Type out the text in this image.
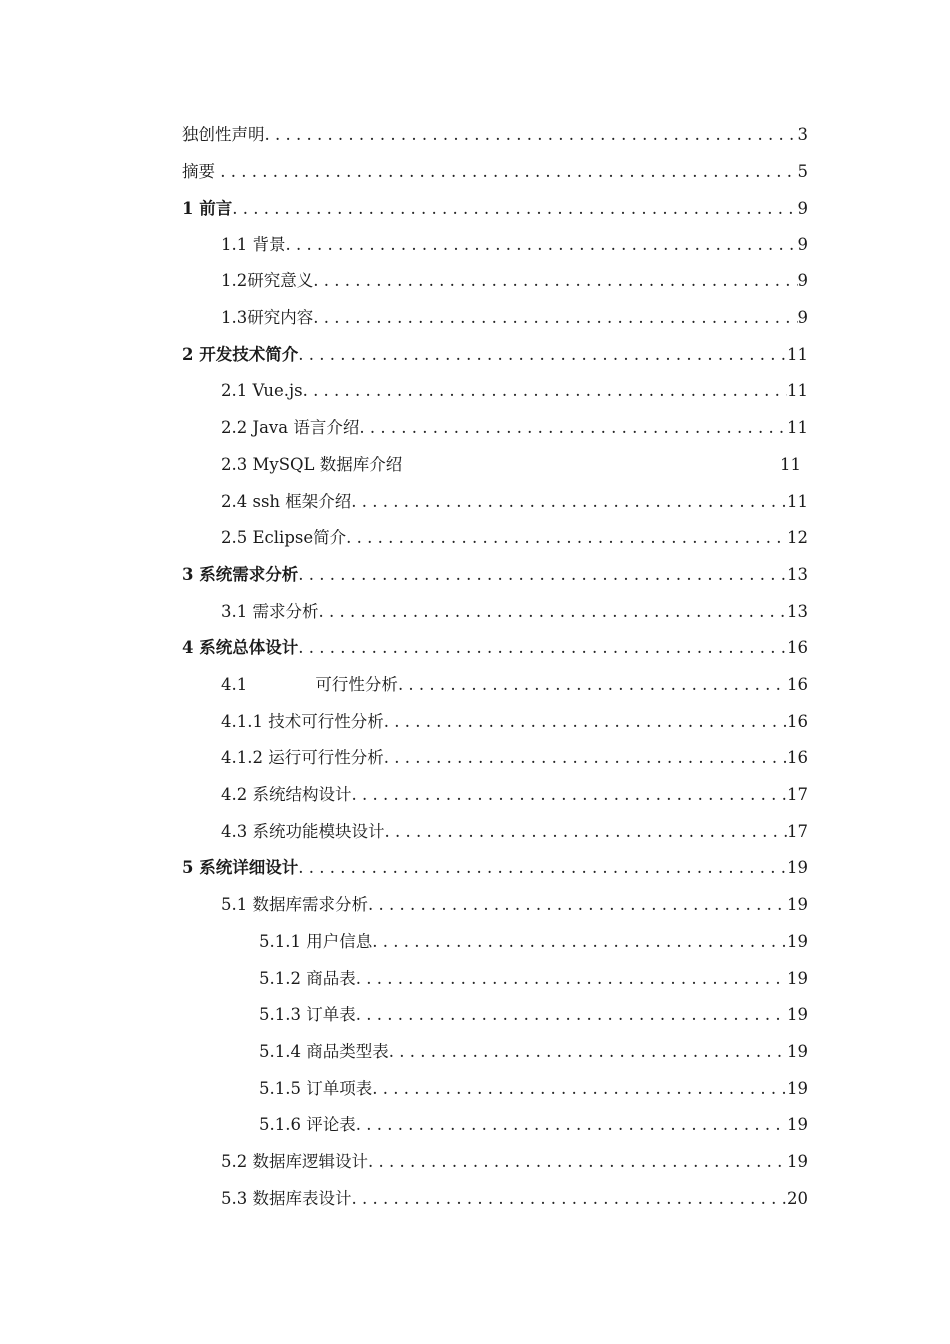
独创性声明 . . .	3
摘要 . . .	5
1 前言 . . .	9
1.1 背景 . . .	9
1.2研究意义 . . .	9
1.3研究内容 . . .	9
2 开发技术简介 . . .	11
2.1 Vue.js . . .	11
2.2 Java 语言介绍 . . .	11
2.3 MySQL 数据库介绍	11
2.4 ssh 框架介绍 . . .	11
2.5 Eclipse简介 . . .	12
3 系统需求分析 . . .	13
3.1 需求分析 . . .	13
4 系统总体设计 . . .	16
4.1             可行性分析 . . .	16
4.1.1 技术可行性分析 . . .	16
4.1.2 运行可行性分析 . . .	16
4.2 系统结构设计 . . .	17
4.3 系统功能模块设计 . . .	17
5 系统详细设计 . . .	19
5.1 数据库需求分析 . . .	19
5.1.1 用户信息 . . .	19
5.1.2 商品表 . . .	19
5.1.3 订单表 . . .	19
5.1.4 商品类型表 . . .	19
5.1.5 订单项表 . . .	19
5.1.6 评论表 . . .	19
5.2 数据库逻辑设计 . . .	19
5.3 数据库表设计 . . .	20
